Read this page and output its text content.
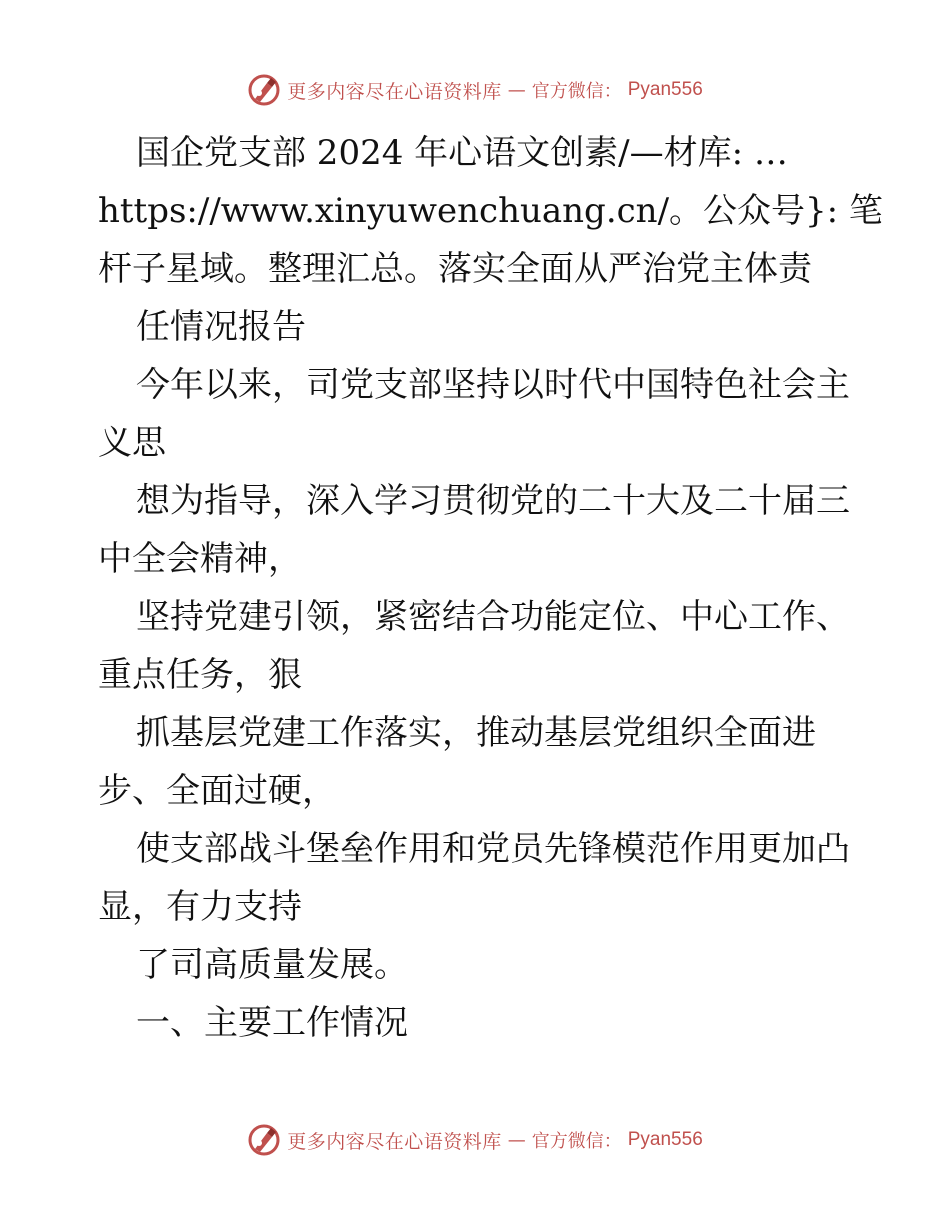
更多内容尽在心语资料库 — 官方微信： Pyan556
国企党支部 2024 年心语文创素/—材库: …
https://www.xinyuwenchuang.cn/。公众号}: 笔
杆子星域。整理汇总。落实全面从严治党主体责
任情况报告
今年以来，司党支部坚持以时代中国特色社会主
义思
想为指导，深入学习贯彻党的二十大及二十届三
中全会精神，
坚持党建引领，紧密结合功能定位、中心工作、
重点任务，狠
抓基层党建工作落实，推动基层党组织全面进
步、全面过硬，
使支部战斗堡垒作用和党员先锋模范作用更加凸
显，有力支持
了司高质量发展。
一、主要工作情况
更多内容尽在心语资料库 — 官方微信： Pyan556
